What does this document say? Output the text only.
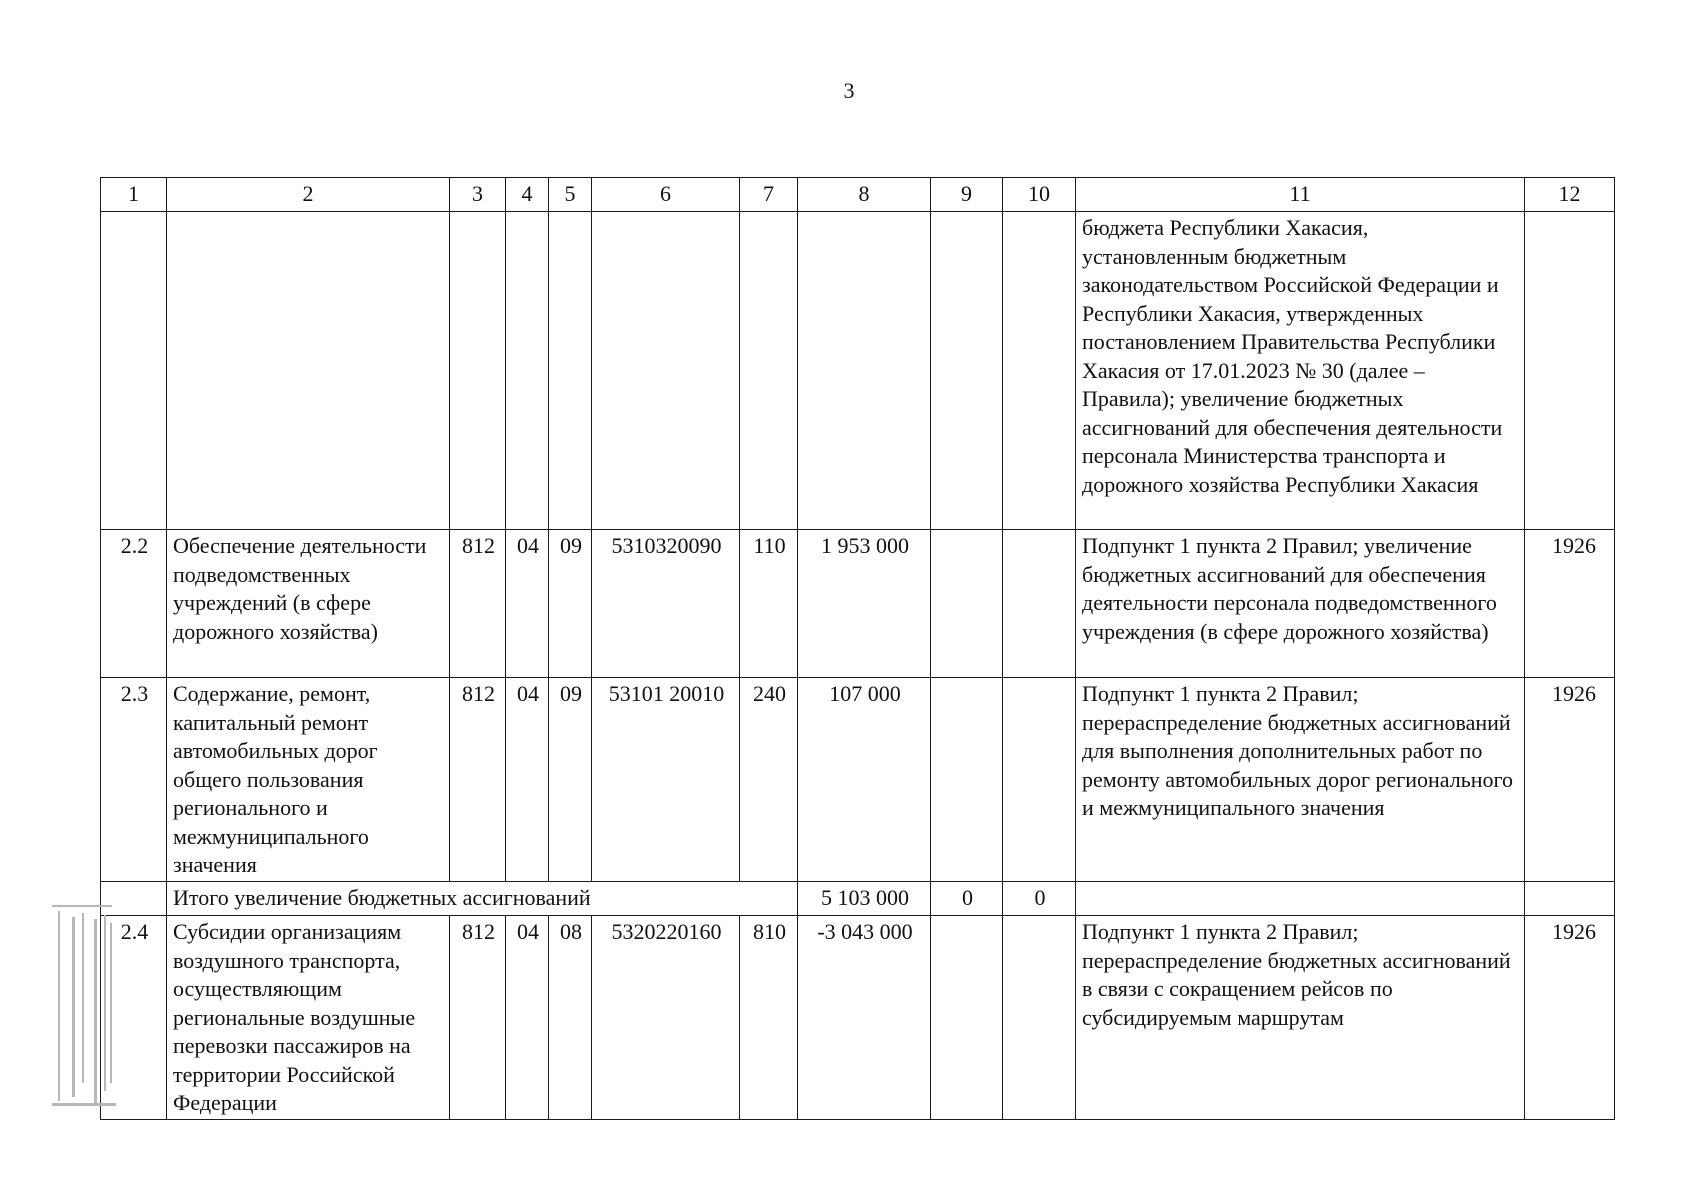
3
1	2	3	4	5	6	7	8	9	10	11	12
										бюджета Республики Хакасия, установленным бюджетным законодательством Российской Федерации и Республики Хакасия, утвержденных постановлением Правительства Республики Хакасия от 17.01.2023 № 30 (далее – Правила); увеличение бюджетных ассигнований для обеспечения деятельности персонала Министерства транспорта и дорожного хозяйства Республики Хакасия	
2.2	Обеспечение деятельности подведомственных учреждений (в сфере дорожного хозяйства)	812	04	09	5310320090	110	1 953 000			Подпункт 1 пункта 2 Правил; увеличение бюджетных ассигнований для обеспечения деятельности персонала подведомственного учреждения (в сфере дорожного хозяйства)	1926
2.3	Содержание, ремонт, капитальный ремонт автомобильных дорог общего пользования регионального и межмуниципального значения	812	04	09	53101 20010	240	107 000			Подпункт 1 пункта 2 Правил; перераспределение бюджетных ассигнований для выполнения дополнительных работ по ремонту автомобильных дорог регионального и межмуниципального значения	1926
	Итого увеличение бюджетных ассигнований						5 103 000	0	0		
2.4	Субсидии организациям воздушного транспорта, осуществляющим региональные воздушные перевозки пассажиров на территории Российской Федерации	812	04	08	5320220160	810	-3 043 000			Подпункт 1 пункта 2 Правил; перераспределение бюджетных ассигнований в связи с сокращением рейсов по субсидируемым маршрутам	1926
